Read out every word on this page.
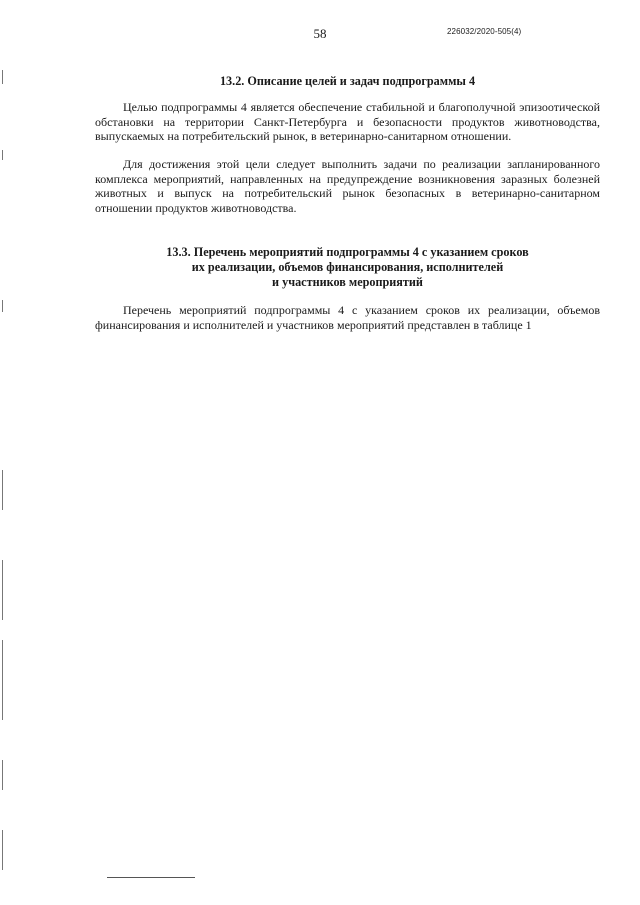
58	226032/2020-505(4)
13.2. Описание целей и задач подпрограммы 4

Целью подпрограммы 4 является обеспечение стабильной и благополучной эпизоотической обстановки на территории Санкт-Петербурга и безопасности продуктов животноводства, выпускаемых на потребительский рынок, в ветеринарно-санитарном отношении.

Для достижения этой цели следует выполнить задачи по реализации запланированного комплекса мероприятий, направленных на предупреждение возникновения заразных болезней животных и выпуск на потребительский рынок безопасных в ветеринарно-санитарном отношении продуктов животноводства.

13.3. Перечень мероприятий подпрограммы 4 с указанием сроков
их реализации, объемов финансирования, исполнителей
и участников мероприятий

Перечень мероприятий подпрограммы 4 с указанием сроков их реализации, объемов финансирования и исполнителей и участников мероприятий представлен в таблице 1
